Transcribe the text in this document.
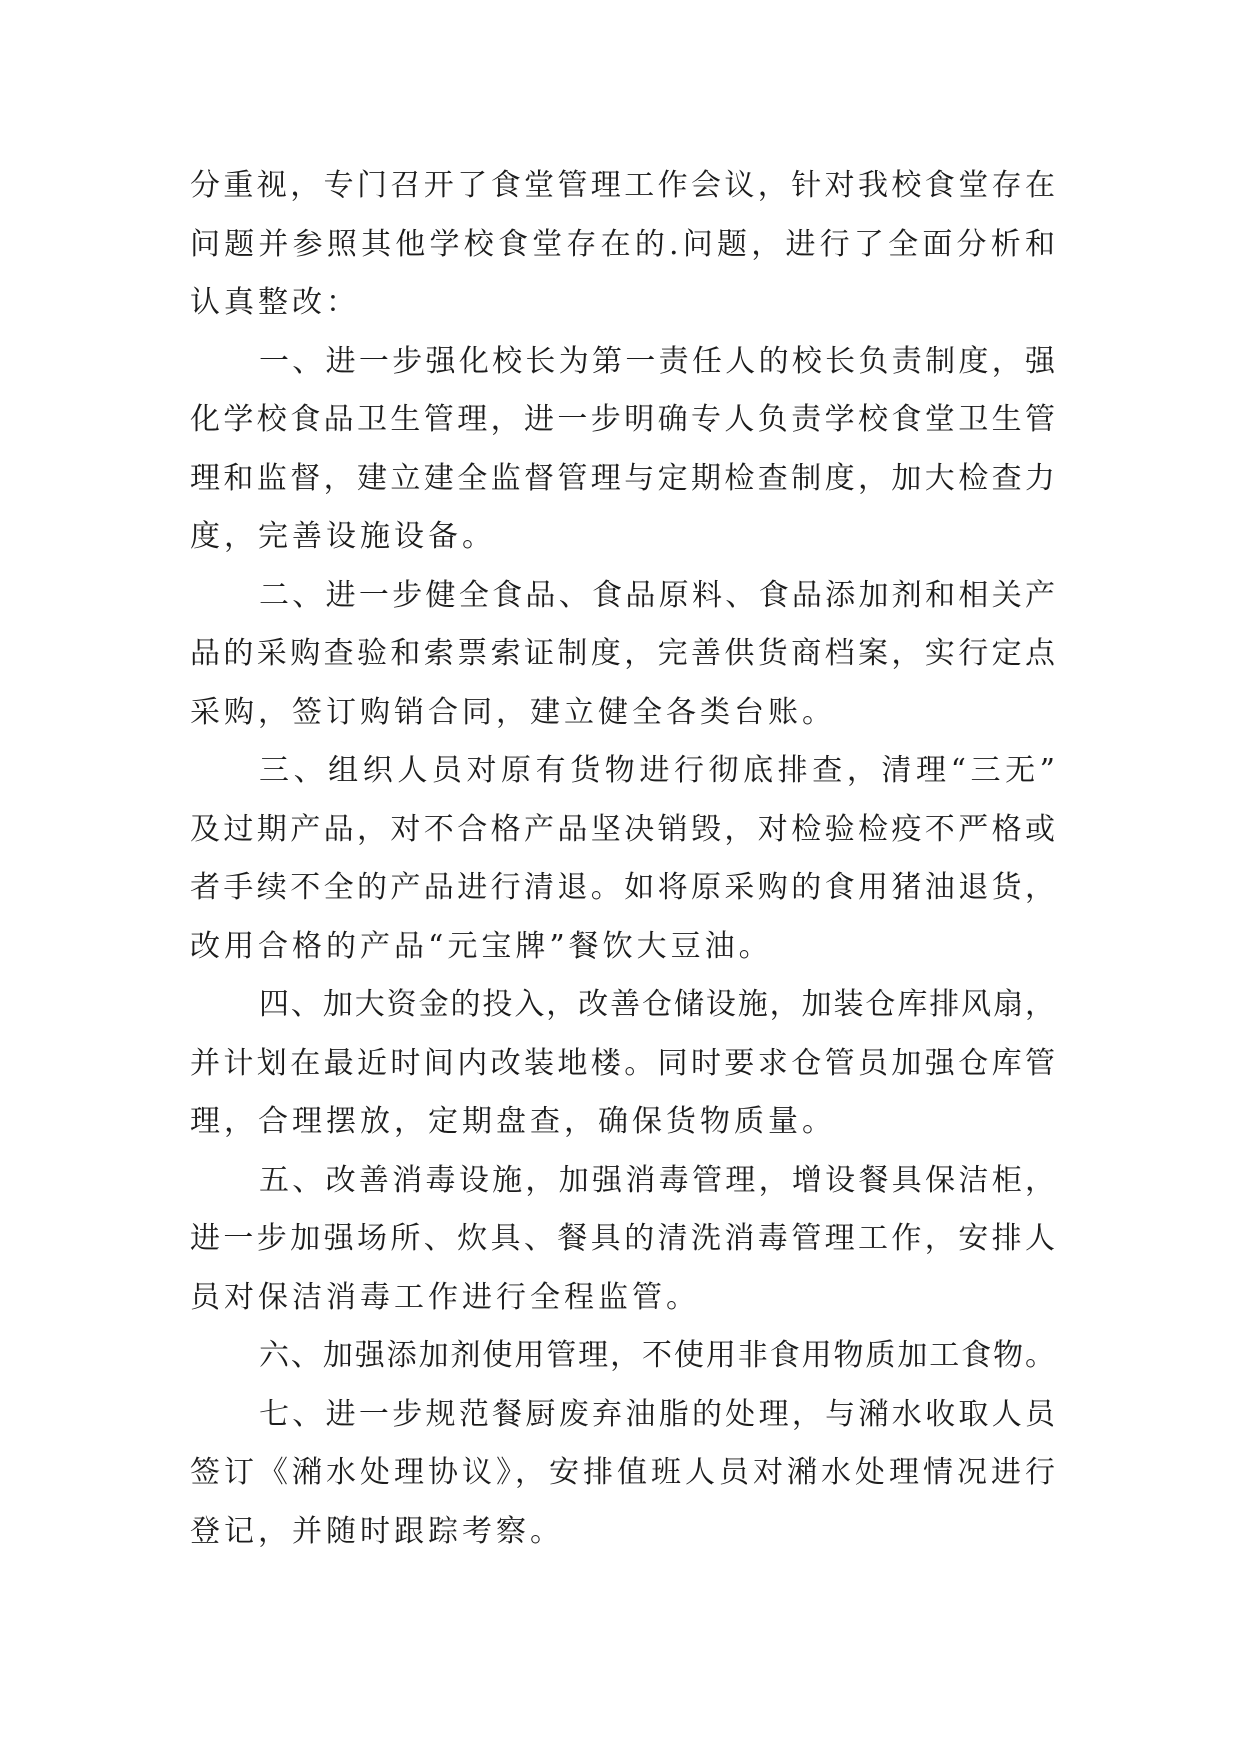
分重视，专门召开了食堂管理工作会议，针对我校食堂存在
问题并参照其他学校食堂存在的.问题，进行了全面分析和
认真整改：
一、进一步强化校长为第一责任人的校长负责制度，强
化学校食品卫生管理，进一步明确专人负责学校食堂卫生管
理和监督，建立建全监督管理与定期检查制度，加大检查力
度，完善设施设备。
二、进一步健全食品、食品原料、食品添加剂和相关产
品的采购查验和索票索证制度，完善供货商档案，实行定点
采购，签订购销合同，建立健全各类台账。
三、组织人员对原有货物进行彻底排查，清理“三无”
及过期产品，对不合格产品坚决销毁，对检验检疫不严格或
者手续不全的产品进行清退。如将原采购的食用猪油退货，
改用合格的产品“元宝牌”餐饮大豆油。
四、加大资金的投入，改善仓储设施，加装仓库排风扇，
并计划在最近时间内改装地楼。同时要求仓管员加强仓库管
理，合理摆放，定期盘查，确保货物质量。
五、改善消毒设施，加强消毒管理，增设餐具保洁柜，
进一步加强场所、炊具、餐具的清洗消毒管理工作，安排人
员对保洁消毒工作进行全程监管。
六、加强添加剂使用管理，不使用非食用物质加工食物。
七、进一步规范餐厨废弃油脂的处理，与潲水收取人员
签订《潲水处理协议》，安排值班人员对潲水处理情况进行
登记，并随时跟踪考察。
